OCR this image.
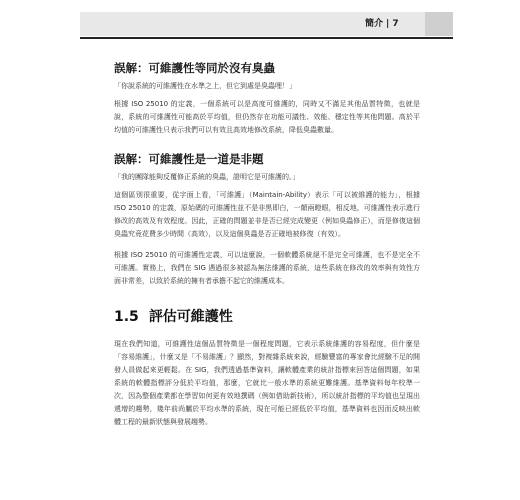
簡介 | 7
誤解：可維護性等同於沒有臭蟲
「你說系統的可維護性在水準之上，但它到處是臭蟲哩！」

根據 ISO 25010 的定義，一個系統可以是高度可維護的，同時又不滿足其他品質特徵，也就是說，系統的可維護性可能高於平均值，但仍然存在功能可議性、效能、穩定性等其他問題。高於平均值的可維護性只表示我們可以有效且高效地修改系統，降低臭蟲數量。

誤解：可維護性是一道是非題
「我的團隊能夠反覆修正系統的臭蟲，證明它是可維護的。」

這個區別很重要，從字面上看，「可維護」（Maintain-Ability）表示「可以被維護的能力」，根據 ISO 25010 的定義，原始碼的可維護性並不是非黑即白，一顛兩瞪眼，相反地，可維護性表示進行修改的高效及有效程度。因此，正確的問題並非是否已經完成變更（例如臭蟲修正），而是修復這個臭蟲究竟花費多少時間（高效），以及這個臭蟲是否正確地被修復（有效）。

根據 ISO 25010 的可維護性定義，可以這麼說，一個軟體系統絕不是完全可維護，也不是完全不可維護。實務上，我們在 SIG 遇過很多被認為無法維護的系統，這些系統在修改的效率與有效性方面非常差，以致於系統的擁有者承擔不起它的維護成本。

1.5 評估可維護性

現在我們知道，可維護性這個品質特徵是一個程度問題，它表示系統維護的容易程度，但什麼是「容易維護」，什麼又是「不易維護」？顯然，對複雜系統來說，經驗豐富的專家會比經驗不足的開發人員做起來更輕鬆。在 SIG，我們透過基準資料，讓軟體產業的統計指標來回答這個問題，如果系統的軟體指標評分低於平均值，那麼，它就比一般水準的系統更難維護。基準資料每年校準一次，因為整個產業都在學習如何更有效地撰碼（例如借助新技術），所以統計指標的平均值也呈現出遞增的趨勢，幾年前尚屬於平均水準的系統，現在可能已經低於平均值，基準資料也因而反映出軟體工程的最新狀態與發展趨勢。
